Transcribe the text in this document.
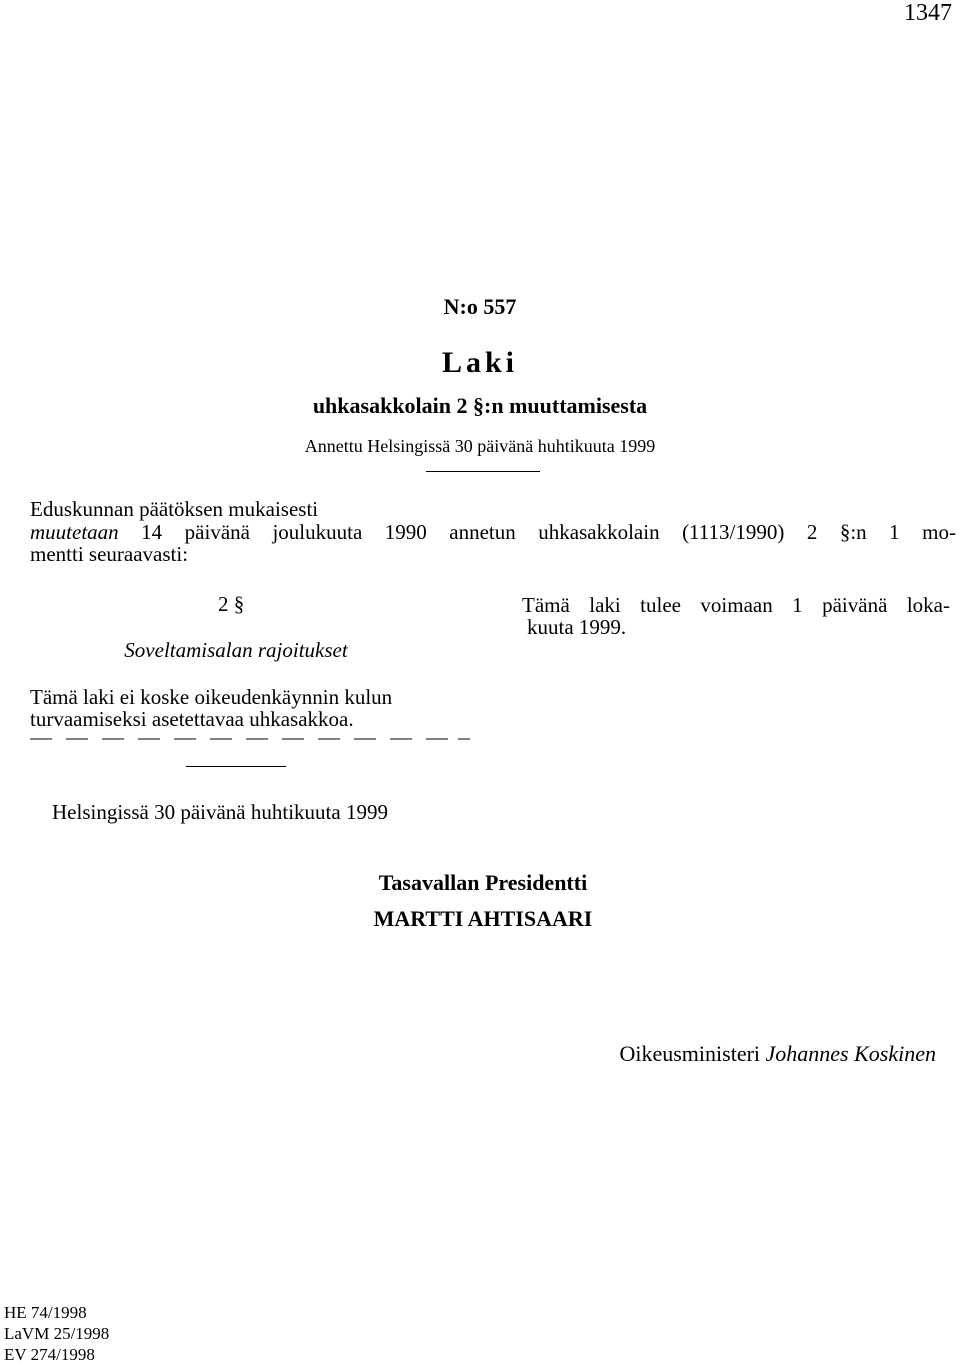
1347
N:o 557
Laki
uhkasakkolain 2 §:n muuttamisesta
Annettu Helsingissä 30 päivänä huhtikuuta 1999
Eduskunnan päätöksen mukaisesti
muutetaan 14 päivänä joulukuuta 1990 annetun uhkasakkolain (1113/1990) 2 §:n 1 mo-
mentti seuraavasti:
2 §
Soveltamisalan rajoitukset
Tämä laki ei koske oikeudenkäynnin kulun
turvaamiseksi asetettavaa uhkasakkoa.
Tämä laki tulee voimaan 1 päivänä loka-
kuuta 1999.
Helsingissä 30 päivänä huhtikuuta 1999
Tasavallan Presidentti
MARTTI AHTISAARI
Oikeusministeri Johannes Koskinen
HE 74/1998
LaVM 25/1998
EV 274/1998
